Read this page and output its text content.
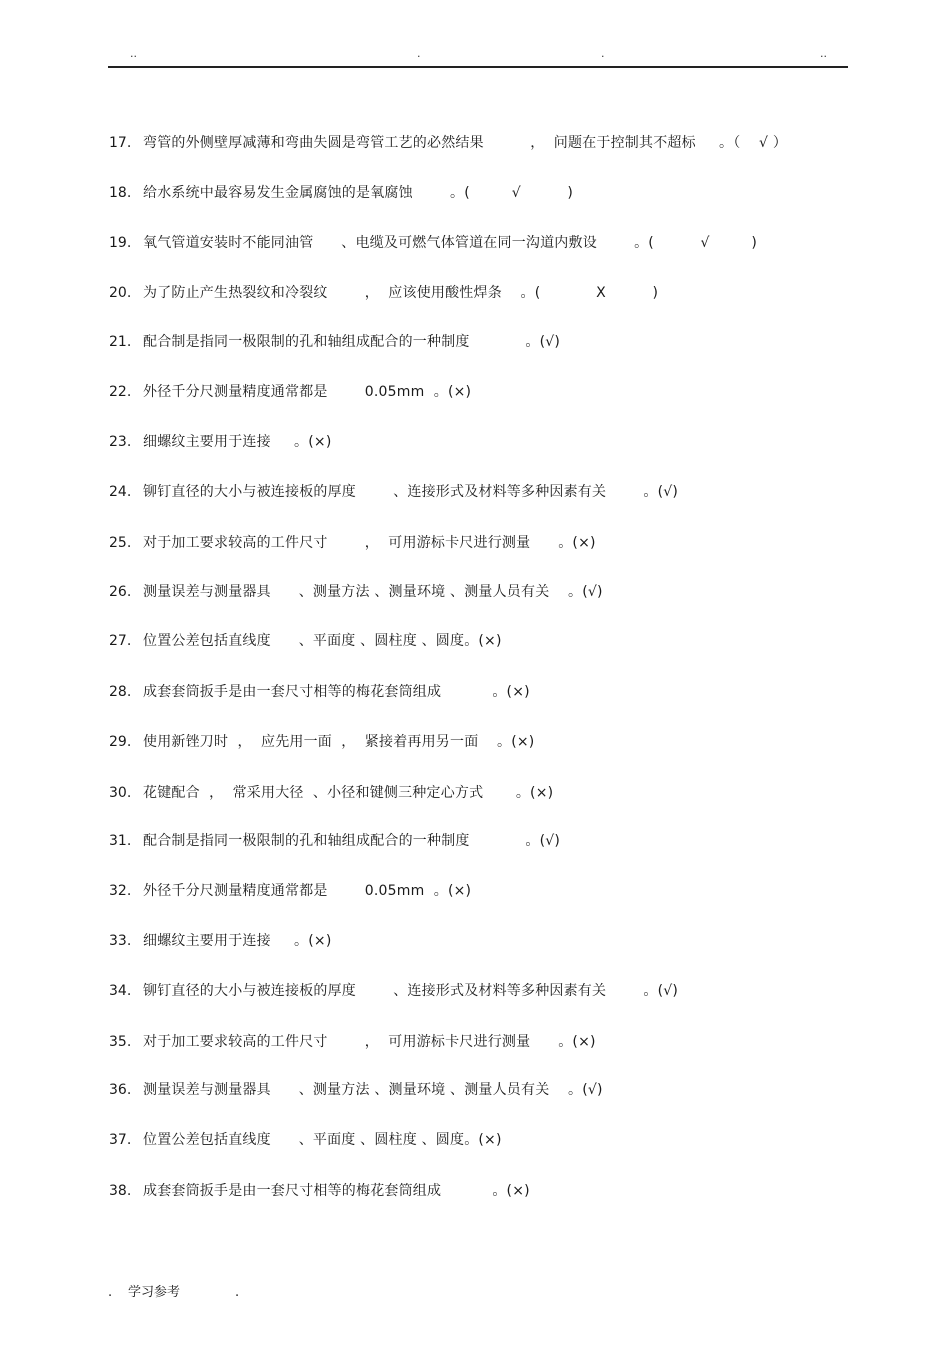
..	.	.	..
17. 弯管的外侧壁厚减薄和弯曲失圆是弯管工艺的必然结果          ，  问题在于控制其不超标     。（    √ ）
18. 给水系统中最容易发生金属腐蚀的是氧腐蚀        。(         √          )
19. 氧气管道安装时不能同油管      、电缆及可燃气体管道在同一沟道内敷设        。(          √         )
20. 为了防止产生热裂纹和冷裂纹        ，  应该使用酸性焊条    。(            X          )
21. 配合制是指同一极限制的孔和轴组成配合的一种制度            。(√)
22. 外径千分尺测量精度通常都是        0.05mm  。(×)
23. 细螺纹主要用于连接     。(×)
24. 铆钉直径的大小与被连接板的厚度        、连接形式及材料等多种因素有关        。(√)
25. 对于加工要求较高的工件尺寸        ，  可用游标卡尺进行测量      。(×)
26. 测量误差与测量器具      、测量方法 、测量环境 、测量人员有关    。(√)
27. 位置公差包括直线度      、平面度 、圆柱度 、圆度。(×)
28. 成套套筒扳手是由一套尺寸相等的梅花套筒组成           。(×)
29. 使用新锉刀时  ，  应先用一面  ，  紧接着再用另一面    。(×)
30. 花键配合  ，  常采用大径  、小径和键侧三种定心方式       。(×)
31. 配合制是指同一极限制的孔和轴组成配合的一种制度            。(√)
32. 外径千分尺测量精度通常都是        0.05mm  。(×)
33. 细螺纹主要用于连接     。(×)
34. 铆钉直径的大小与被连接板的厚度        、连接形式及材料等多种因素有关        。(√)
35. 对于加工要求较高的工件尺寸        ，  可用游标卡尺进行测量      。(×)
36. 测量误差与测量器具      、测量方法 、测量环境 、测量人员有关    。(√)
37. 位置公差包括直线度      、平面度 、圆柱度 、圆度。(×)
38. 成套套筒扳手是由一套尺寸相等的梅花套筒组成           。(×)
. 学习参考	.
